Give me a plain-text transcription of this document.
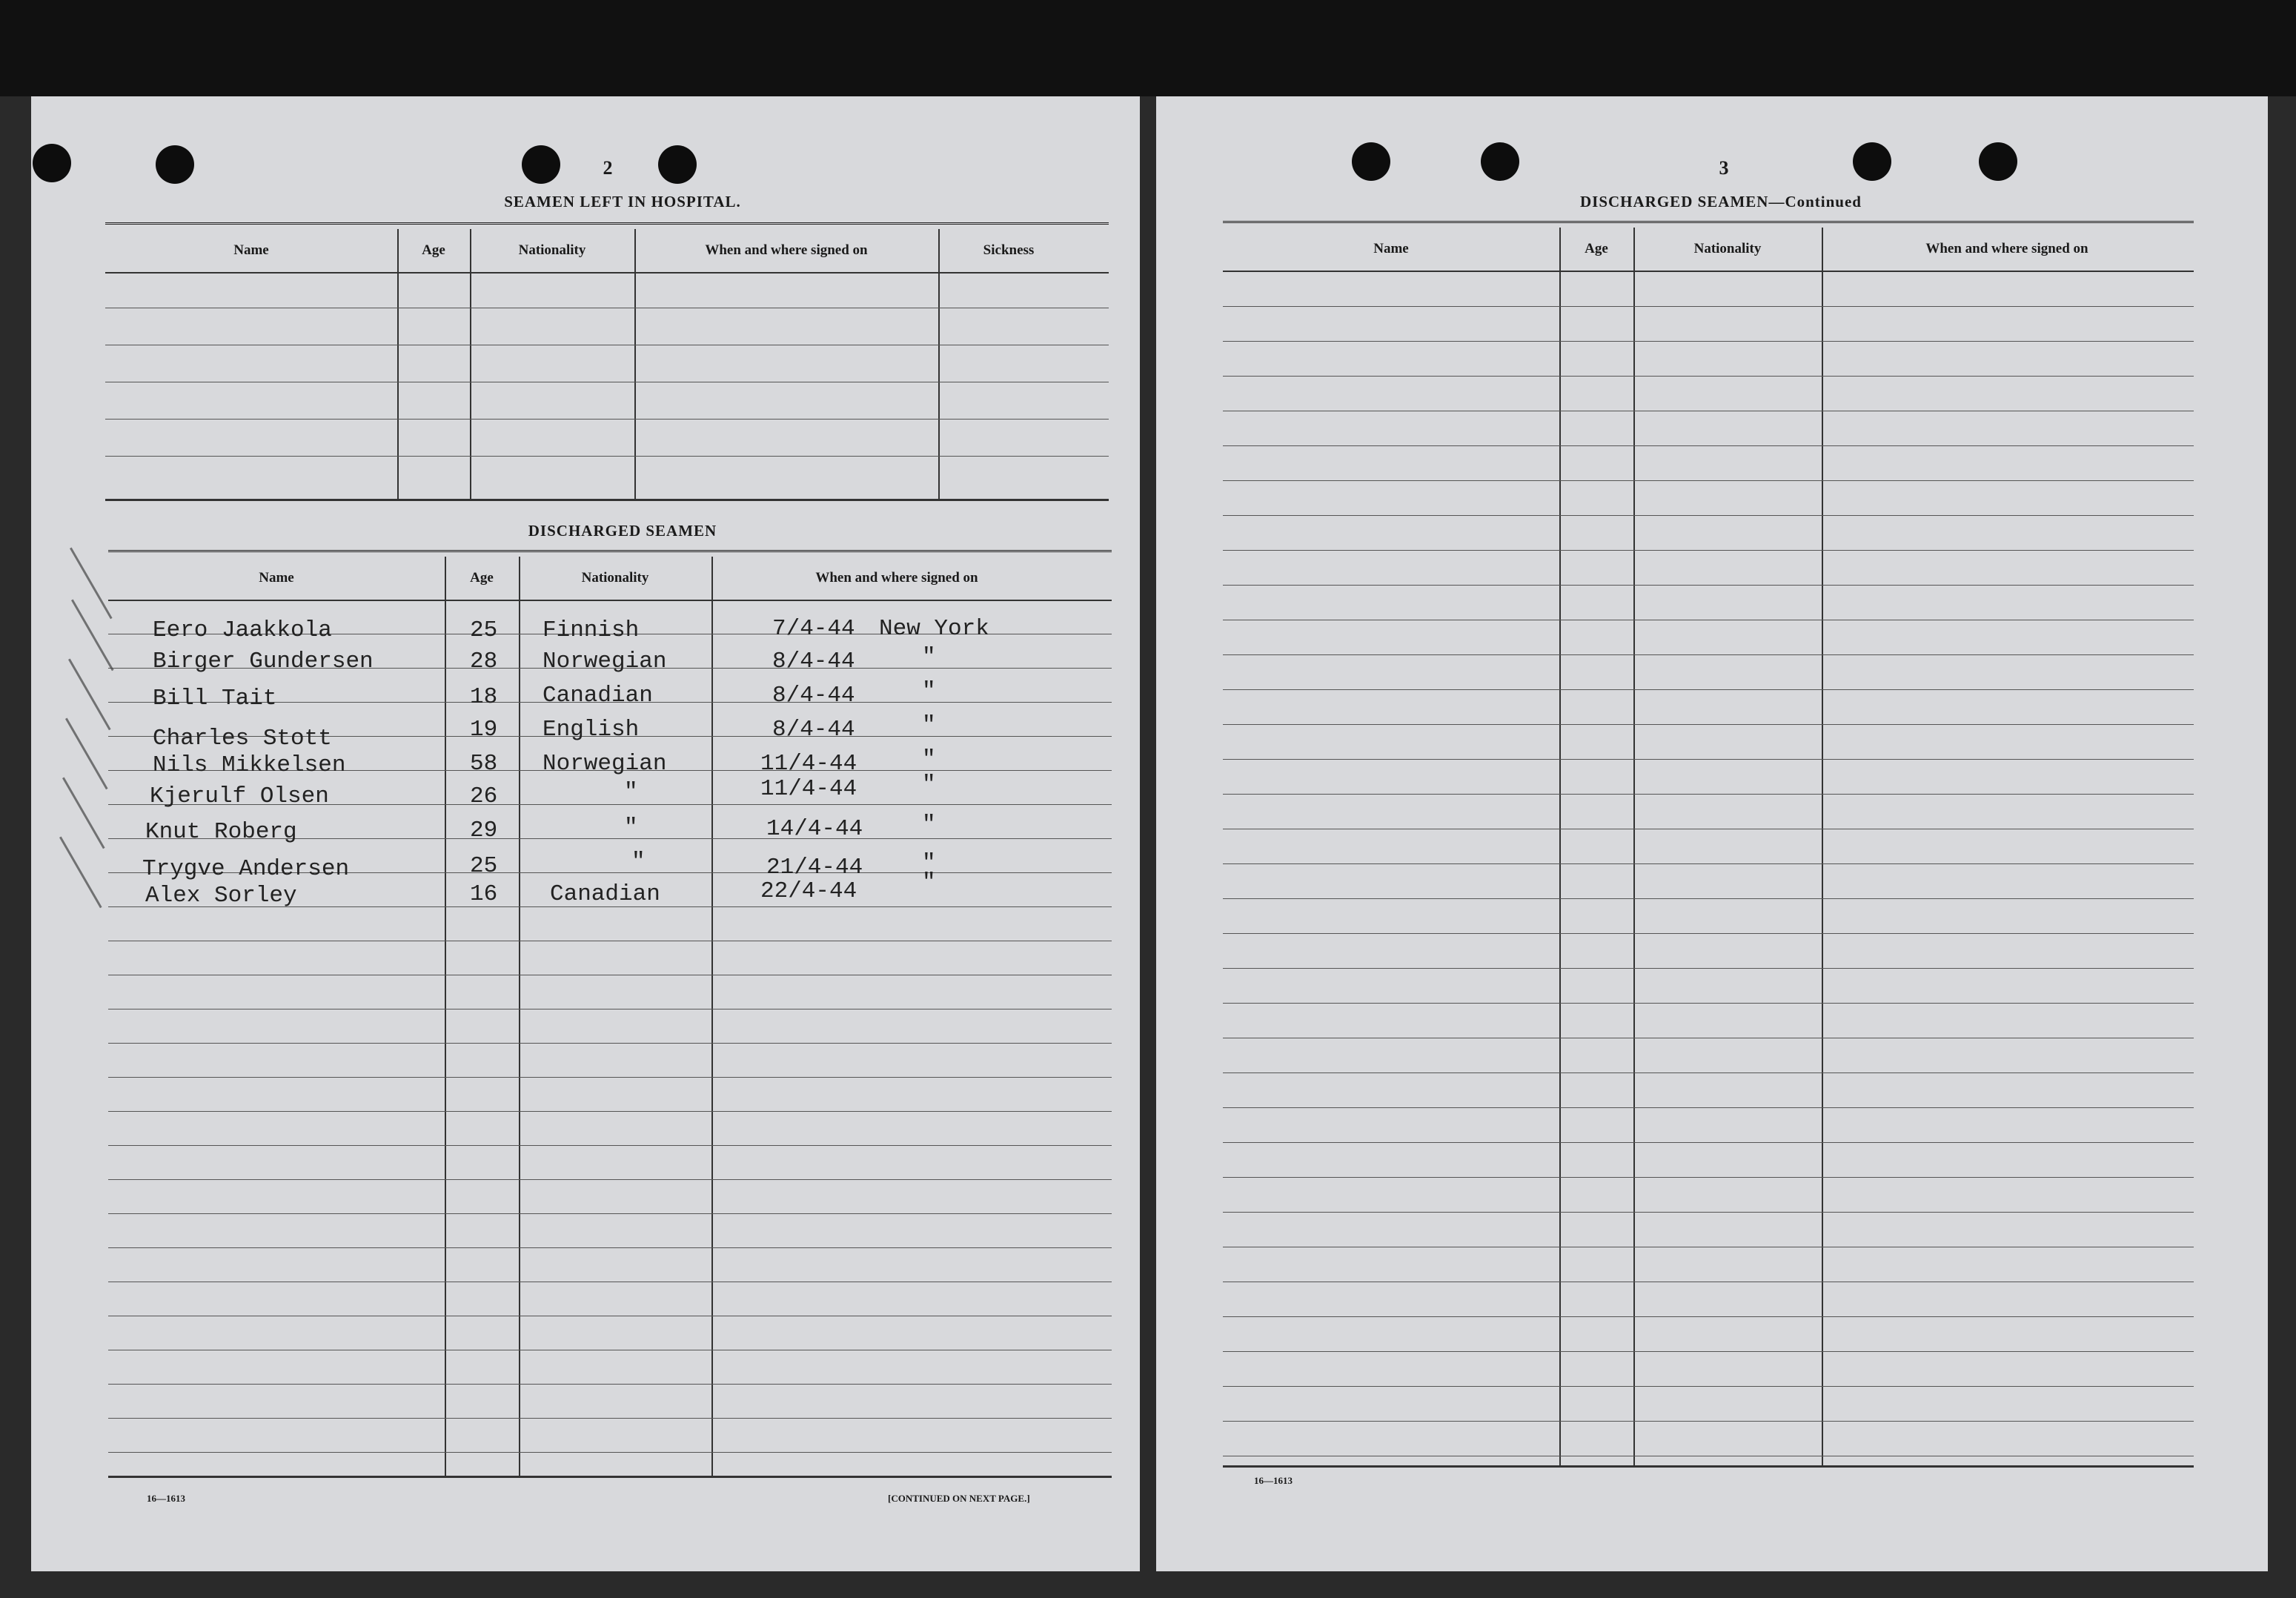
2
SEAMEN LEFT IN HOSPITAL.
Name	Age	Nationality	When and where signed on	Sickness
DISCHARGED SEAMEN
Name	Age	Nationality	When and where signed on
Eero Jaakkola	25 Finnish	7/4-44 New York
Birger Gundersen	28 Norwegian	8/4-44	"
Bill Tait	18 Canadian	8/4-44	"
Charles Stott	19 English	8/4-44	"
Nils Mikkelsen	58 Norwegian	11/4-44	"
Kjerulf Olsen	26	"	11/4-44	"
Knut Roberg	29	"	14/4-44	"
Trygve Andersen	25	"	21/4-44	"
Alex Sorley	16 Canadian	22/4-44	"
16—1613	[CONTINUED ON NEXT PAGE.]
3
DISCHARGED SEAMEN—Continued
Name	Age	Nationality	When and where signed on
16—1613
